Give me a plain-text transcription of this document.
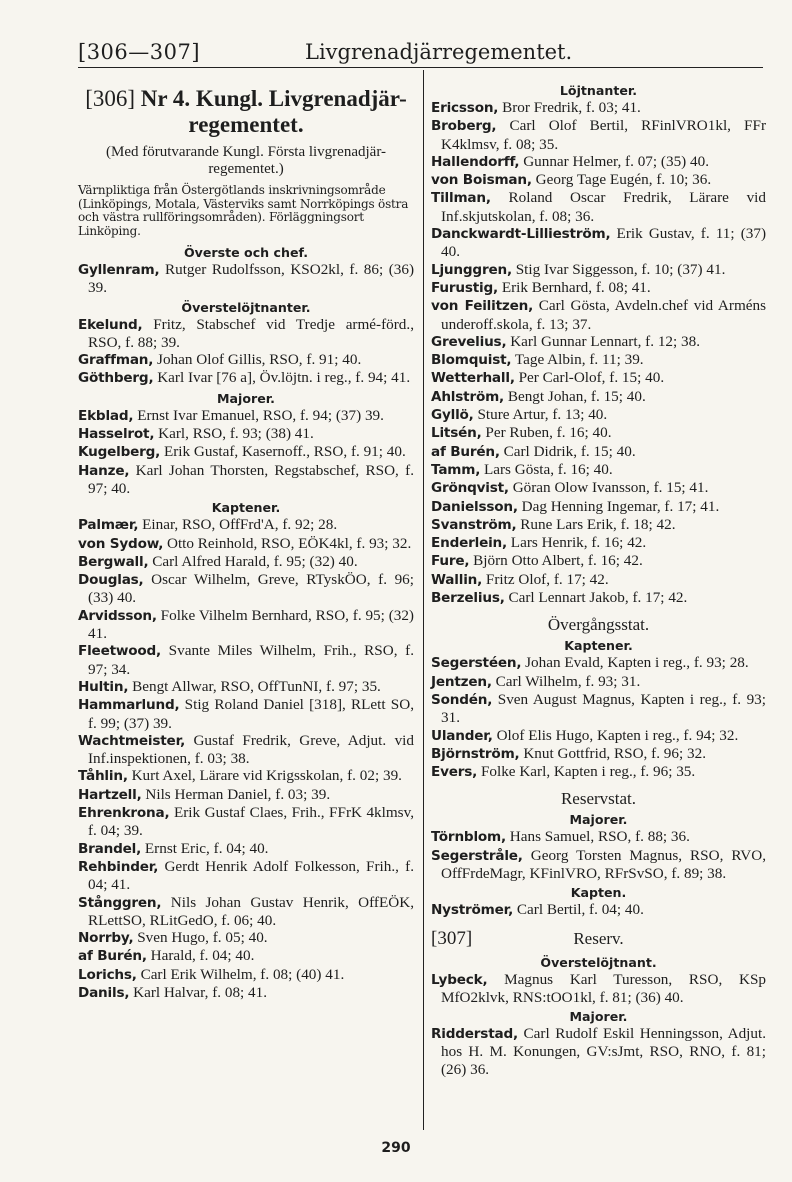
[306—307]	Livgrenadjärregementet.
[306] Nr 4. Kungl. Livgrenadjär-regementet.
(Med förutvarande Kungl. Första livgrenadjär-regementet.)
Värnpliktiga från Östergötlands inskrivningsområde (Linköpings, Motala, Västerviks samt Norrköpings östra och västra rullföringsområden). Förläggningsort Linköping.
Överste och chef.
Gyllenram, Rutger Rudolfsson, KSO2kl, f. 86; (36) 39.
Överstelöjtnanter.
Ekelund, Fritz, Stabschef vid Tredje armé-förd., RSO, f. 88; 39.
Graffman, Johan Olof Gillis, RSO, f. 91; 40.
Göthberg, Karl Ivar [76 a], Öv.löjtn. i reg., f. 94; 41.
Majorer.
Ekblad, Ernst Ivar Emanuel, RSO, f. 94; (37) 39.
Hasselrot, Karl, RSO, f. 93; (38) 41.
Kugelberg, Erik Gustaf, Kasernoff., RSO, f. 91; 40.
Hanze, Karl Johan Thorsten, Regstabschef, RSO, f. 97; 40.
Kaptener.
Palmær, Einar, RSO, OffFrd'A, f. 92; 28.
von Sydow, Otto Reinhold, RSO, EÖK4kl, f. 93; 32.
Bergwall, Carl Alfred Harald, f. 95; (32) 40.
Douglas, Oscar Wilhelm, Greve, RTyskÖO, f. 96; (33) 40.
Arvidsson, Folke Vilhelm Bernhard, RSO, f. 95; (32) 41.
Fleetwood, Svante Miles Wilhelm, Frih., RSO, f. 97; 34.
Hultin, Bengt Allwar, RSO, OffTunNI, f. 97; 35.
Hammarlund, Stig Roland Daniel [318], RLett SO, f. 99; (37) 39.
Wachtmeister, Gustaf Fredrik, Greve, Adjut. vid Inf.inspektionen, f. 03; 38.
Tåhlin, Kurt Axel, Lärare vid Krigsskolan, f. 02; 39.
Hartzell, Nils Herman Daniel, f. 03; 39.
Ehrenkrona, Erik Gustaf Claes, Frih., FFrK 4klmsv, f. 04; 39.
Brandel, Ernst Eric, f. 04; 40.
Rehbinder, Gerdt Henrik Adolf Folkesson, Frih., f. 04; 41.
Stånggren, Nils Johan Gustav Henrik, OffEÖK, RLettSO, RLitGedO, f. 06; 40.
Norrby, Sven Hugo, f. 05; 40.
af Burén, Harald, f. 04; 40.
Lorichs, Carl Erik Wilhelm, f. 08; (40) 41.
Danils, Karl Halvar, f. 08; 41.
Löjtnanter.
Ericsson, Bror Fredrik, f. 03; 41.
Broberg, Carl Olof Bertil, RFinlVRO1kl, FFr K4klmsv, f. 08; 35.
Hallendorff, Gunnar Helmer, f. 07; (35) 40.
von Boisman, Georg Tage Eugén, f. 10; 36.
Tillman, Roland Oscar Fredrik, Lärare vid Inf.skjutskolan, f. 08; 36.
Danckwardt-Lillieström, Erik Gustav, f. 11; (37) 40.
Ljunggren, Stig Ivar Siggesson, f. 10; (37) 41.
Furustig, Erik Bernhard, f. 08; 41.
von Feilitzen, Carl Gösta, Avdeln.chef vid Arméns underoff.skola, f. 13; 37.
Grevelius, Karl Gunnar Lennart, f. 12; 38.
Blomquist, Tage Albin, f. 11; 39.
Wetterhall, Per Carl-Olof, f. 15; 40.
Ahlström, Bengt Johan, f. 15; 40.
Gyllö, Sture Artur, f. 13; 40.
Litsén, Per Ruben, f. 16; 40.
af Burén, Carl Didrik, f. 15; 40.
Tamm, Lars Gösta, f. 16; 40.
Grönqvist, Göran Olow Ivansson, f. 15; 41.
Danielsson, Dag Henning Ingemar, f. 17; 41.
Svanström, Rune Lars Erik, f. 18; 42.
Enderlein, Lars Henrik, f. 16; 42.
Fure, Björn Otto Albert, f. 16; 42.
Wallin, Fritz Olof, f. 17; 42.
Berzelius, Carl Lennart Jakob, f. 17; 42.
Övergångsstat.
Kaptener.
Segerstéen, Johan Evald, Kapten i reg., f. 93; 28.
Jentzen, Carl Wilhelm, f. 93; 31.
Sondén, Sven August Magnus, Kapten i reg., f. 93; 31.
Ulander, Olof Elis Hugo, Kapten i reg., f. 94; 32.
Björnström, Knut Gottfrid, RSO, f. 96; 32.
Evers, Folke Karl, Kapten i reg., f. 96; 35.
Reservstat.
Majorer.
Törnblom, Hans Samuel, RSO, f. 88; 36.
Segerstråle, Georg Torsten Magnus, RSO, RVO, OffFrdeMagr, KFinlVRO, RFrSvSO, f. 89; 38.
Kapten.
Nyströmer, Carl Bertil, f. 04; 40.
[307]	Reserv.
Överstelöjtnant.
Lybeck, Magnus Karl Turesson, RSO, KSp MfO2klvk, RNS:tOO1kl, f. 81; (36) 40.
Majorer.
Ridderstad, Carl Rudolf Eskil Henningsson, Adjut. hos H. M. Konungen, GV:sJmt, RSO, RNO, f. 81; (26) 36.
290
